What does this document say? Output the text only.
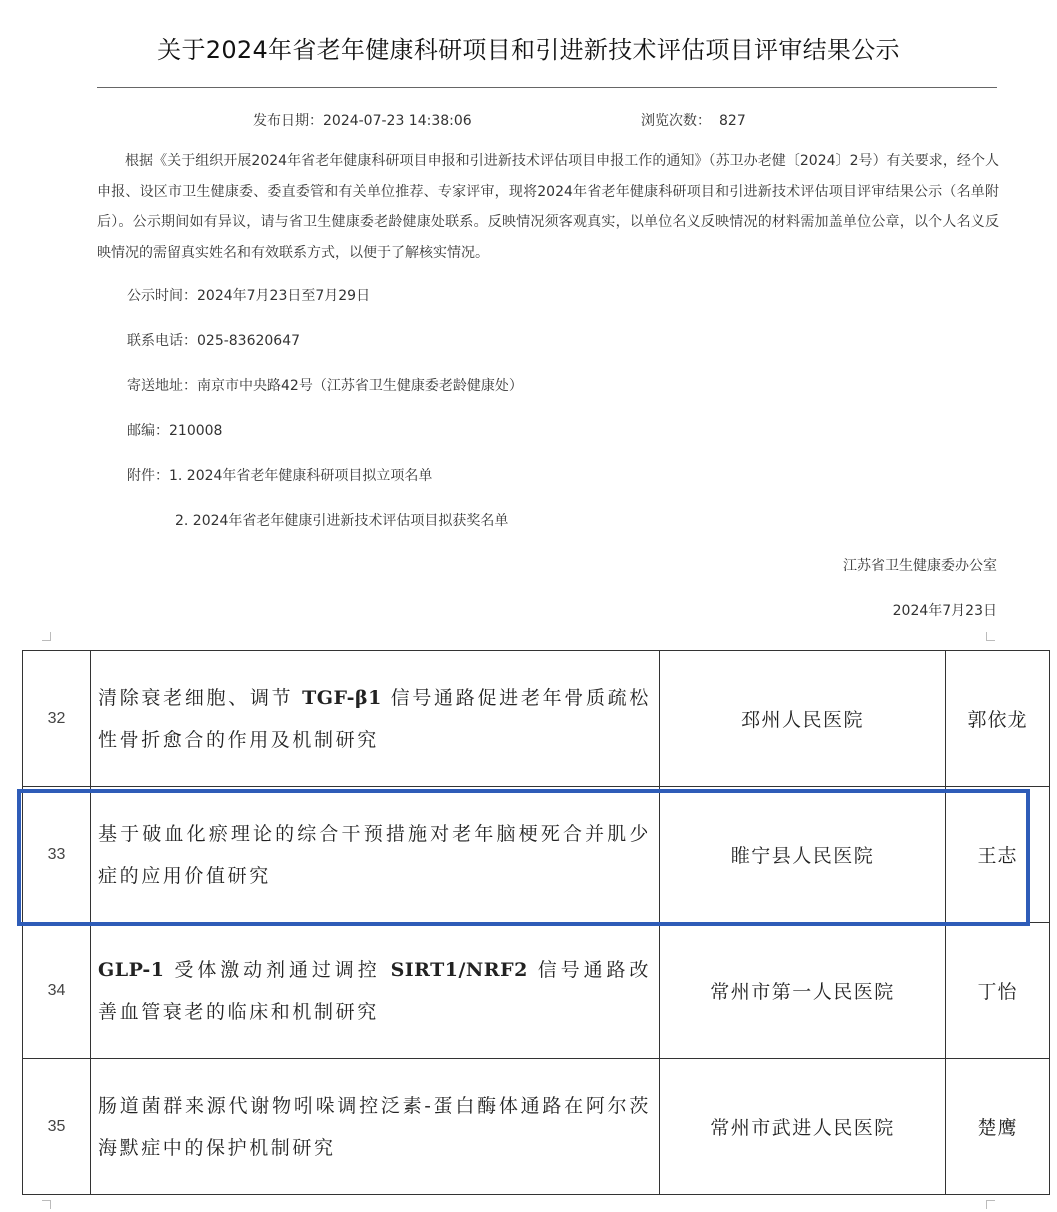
关于2024年省老年健康科研项目和引进新技术评估项目评审结果公示
发布日期：2024-07-23 14:38:06	浏览次数： 827
根据《关于组织开展2024年省老年健康科研项目申报和引进新技术评估项目申报工作的通知》（苏卫办老健〔2024〕2号）有关要求，经个人申报、设区市卫生健康委、委直委管和有关单位推荐、专家评审，现将2024年省老年健康科研项目和引进新技术评估项目评审结果公示（名单附后）。公示期间如有异议，请与省卫生健康委老龄健康处联系。反映情况须客观真实，以单位名义反映情况的材料需加盖单位公章，以个人名义反映情况的需留真实姓名和有效联系方式，以便于了解核实情况。
公示时间：2024年7月23日至7月29日
联系电话：025-83620647
寄送地址：南京市中央路42号（江苏省卫生健康委老龄健康处）
邮编：210008
附件：1. 2024年省老年健康科研项目拟立项名单
2. 2024年省老年健康引进新技术评估项目拟获奖名单
江苏省卫生健康委办公室
2024年7月23日
32	清除衰老细胞、调节 TGF-β1 信号通路促进老年骨质疏松性骨折愈合的作用及机制研究	邳州人民医院	郭依龙
33	基于破血化瘀理论的综合干预措施对老年脑梗死合并肌少症的应用价值研究	睢宁县人民医院	王志
34	GLP-1 受体激动剂通过调控 SIRT1/NRF2 信号通路改善血管衰老的临床和机制研究	常州市第一人民医院	丁怡
35	肠道菌群来源代谢物吲哚调控泛素-蛋白酶体通路在阿尔茨海默症中的保护机制研究	常州市武进人民医院	楚鹰
